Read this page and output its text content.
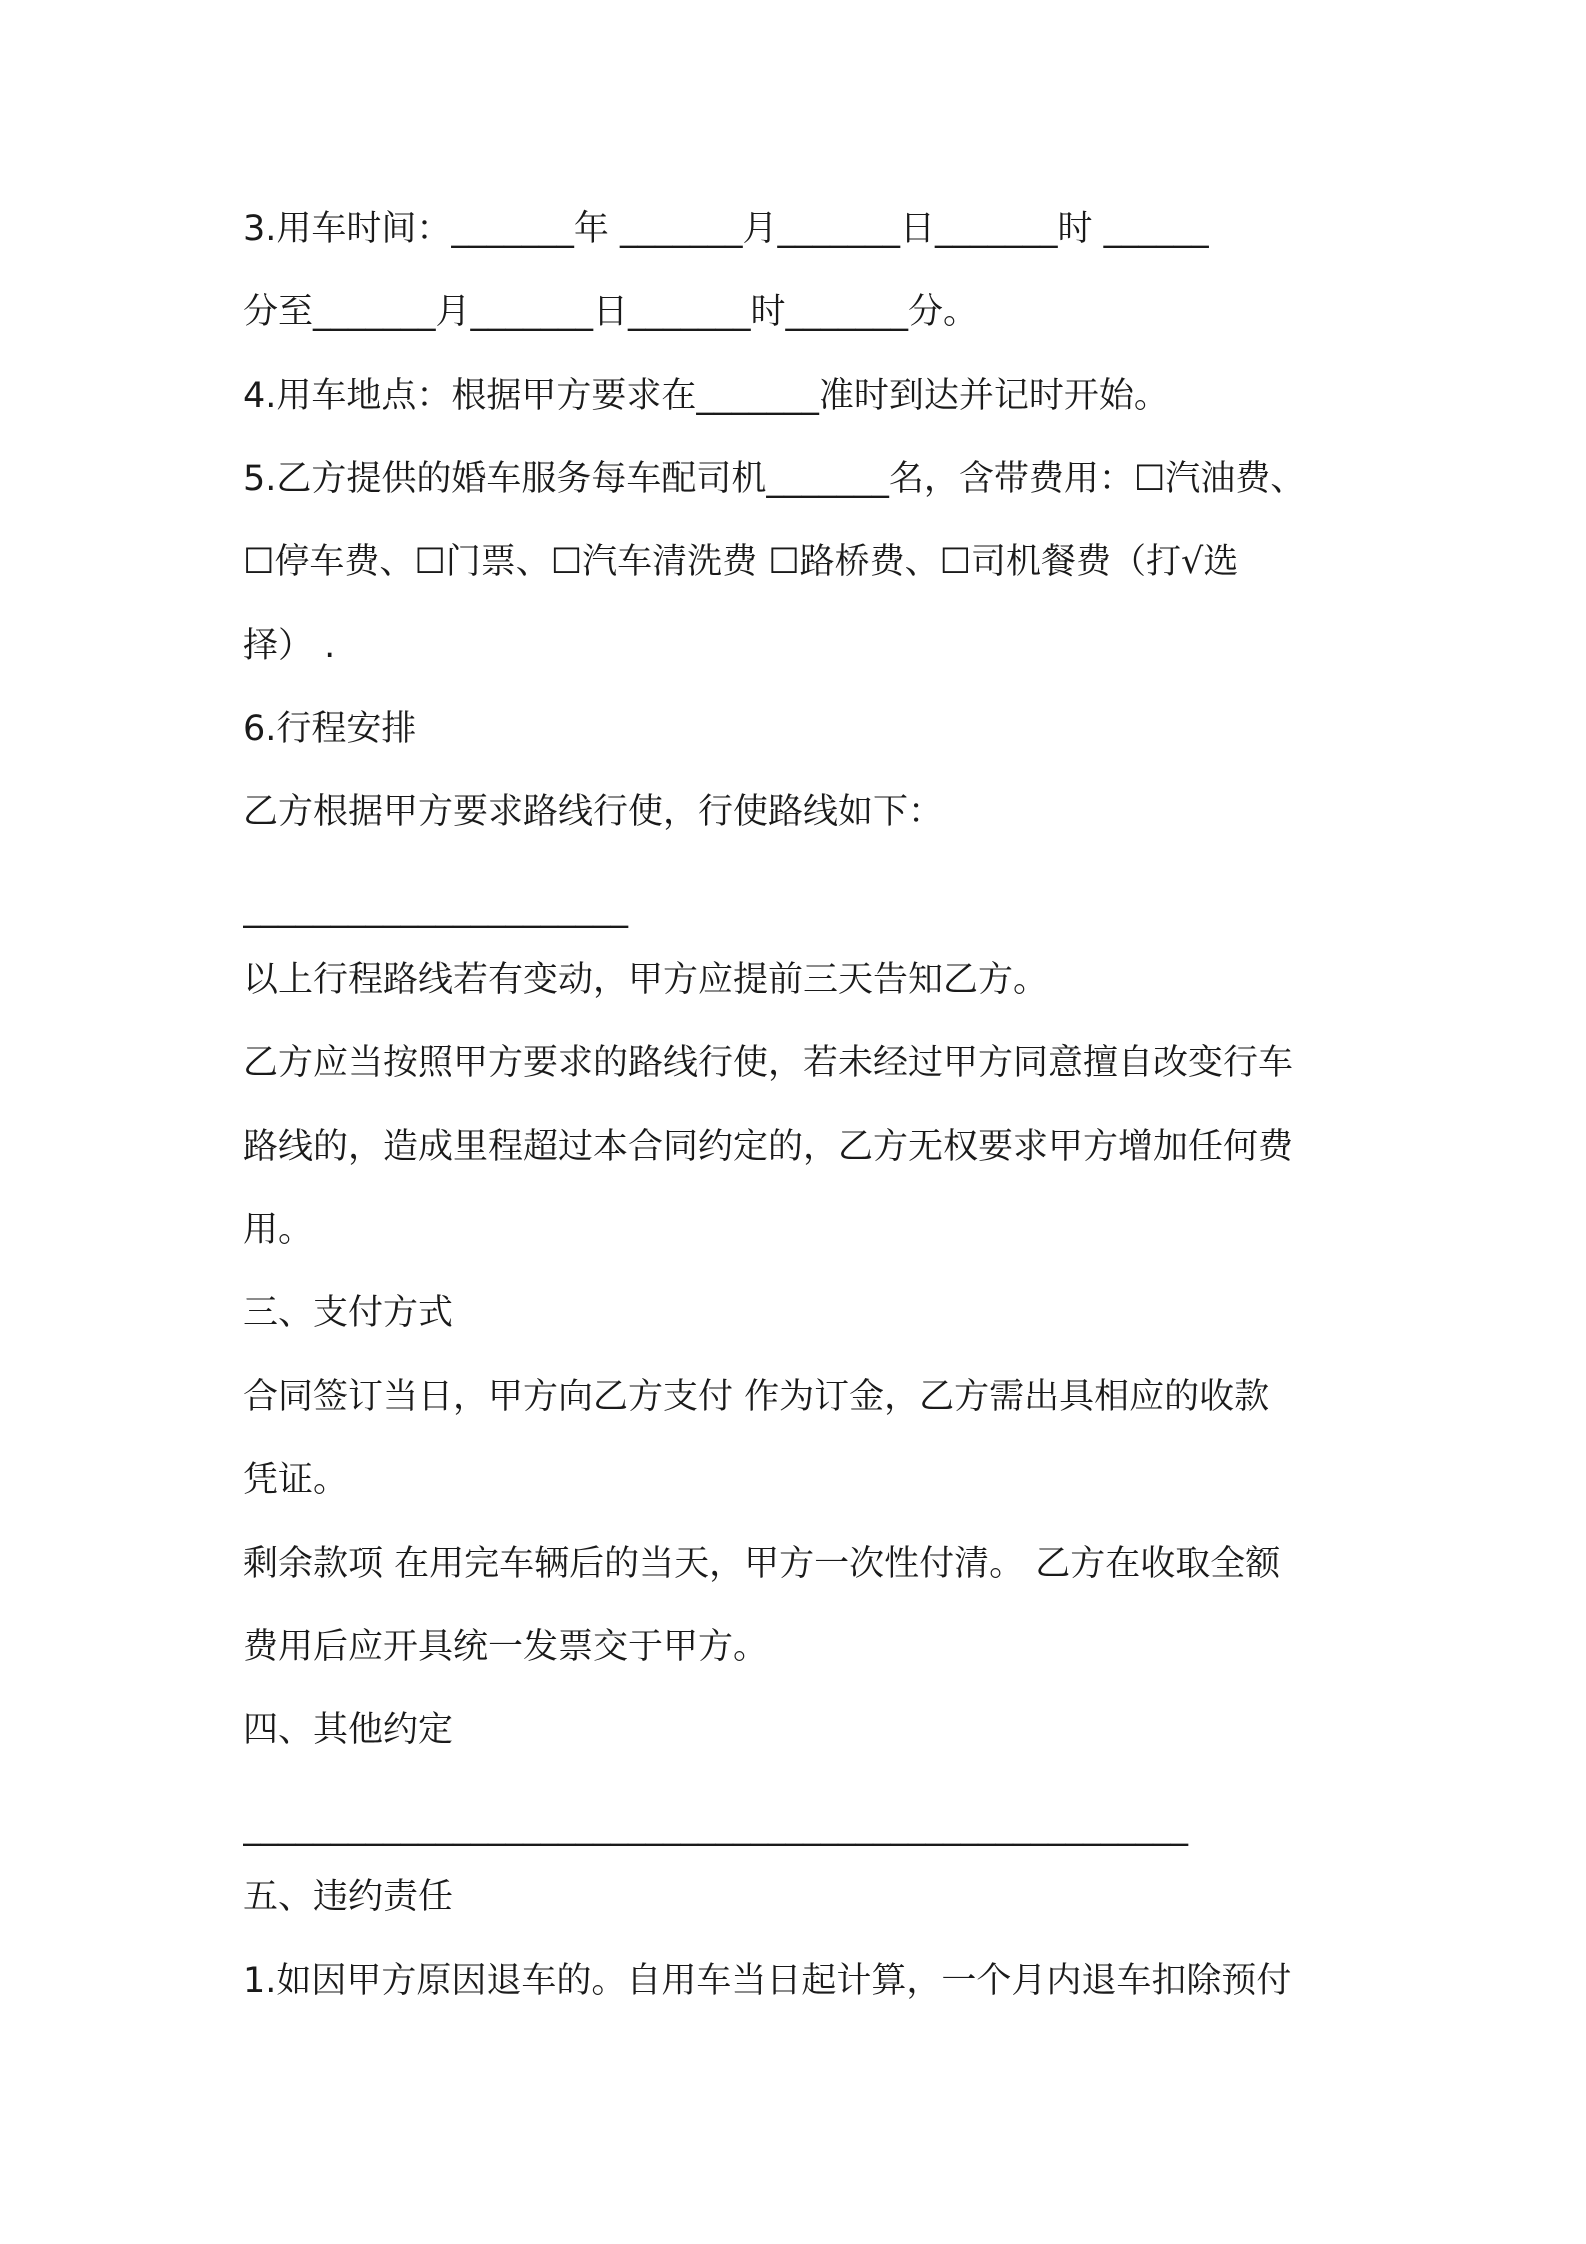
3.用车时间：_______年 _______月_______日_______时 ______
分至_______月_______日_______时_______分。
4.用车地点：根据甲方要求在_______准时到达并记时开始。
5.乙方提供的婚车服务每车配司机_______名，含带费用：☐汽油费、
☐停车费、☐门票、☐汽车清洗费 ☐路桥费、☐司机餐费（打√选
择） .
6.行程安排
乙方根据甲方要求路线行使，行使路线如下：
______________________
以上行程路线若有变动，甲方应提前三天告知乙方。
乙方应当按照甲方要求的路线行使，若未经过甲方同意擅自改变行车
路线的，造成里程超过本合同约定的，乙方无权要求甲方增加任何费
用。
三、支付方式
合同签订当日，甲方向乙方支付 作为订金，乙方需出具相应的收款
凭证。
剩余款项 在用完车辆后的当天，甲方一次性付清。 乙方在收取全额
费用后应开具统一发票交于甲方。
四、其他约定
______________________________________________________
五、违约责任
1.如因甲方原因退车的。自用车当日起计算，一个月内退车扣除预付
